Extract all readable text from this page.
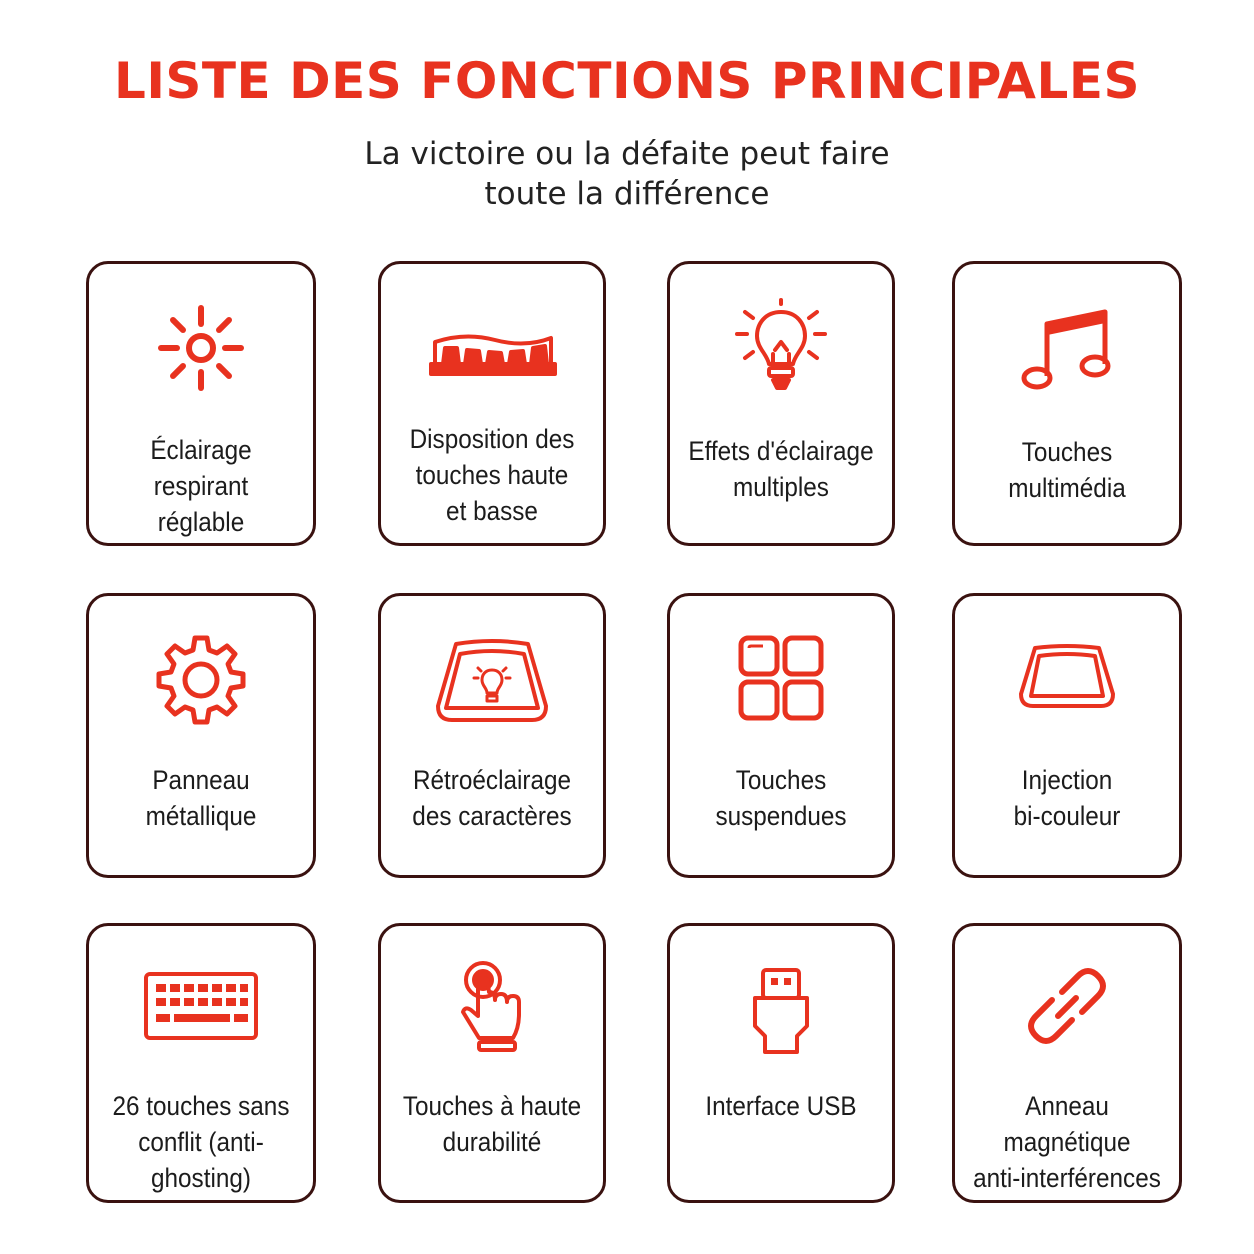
LISTE DES FONCTIONS PRINCIPALES
La victoire ou la défaite peut faire
toute la différence
Éclairage respirant
réglable
Disposition des
touches haute
et basse
Effets d'éclairage
multiples
Touches
multimédia
Panneau
métallique
Rétroéclairage
des caractères
Touches
suspendues
Injection
bi-couleur
26 touches sans
conflit (anti-ghosting)
Touches à haute
durabilité
Interface USB	Anneau magnétique
anti-interférences
